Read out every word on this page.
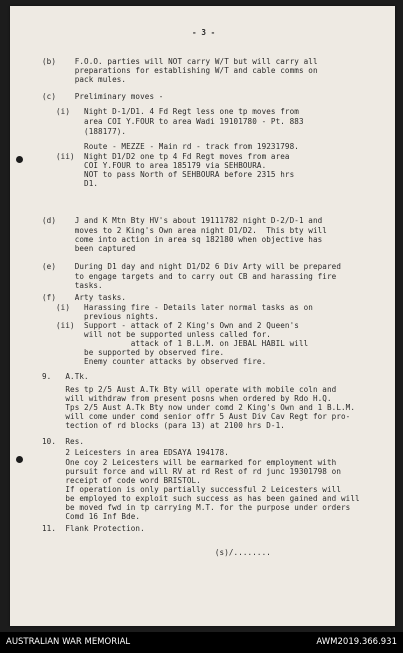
- 3 -
(b)    F.O.O. parties will NOT carry W/T but will carry all
preparations for establishing W/T and cable comms on
pack mules.
(c)    Preliminary moves -
(i)   Night D-1/D1. 4 Fd Regt less one tp moves from
area COI Y.FOUR to area Wadi 19101780 - Pt. 883
(188177).
Route - MEZZE - Main rd - track from 19231798.
(ii)  Night D1/D2 one tp 4 Fd Regt moves from area
COI Y.FOUR to area 185179 via SEHBOURA.
NOT to pass North of SEHBOURA before 2315 hrs
D1.
(d)    J and K Mtn Bty HV's about 19111782 night D-2/D-1 and
moves to 2 King's Own area night D1/D2.  This bty will
come into action in area sq 182180 when objective has
been captured
(e)    During D1 day and night D1/D2 6 Div Arty will be prepared
to engage targets and to carry out CB and harassing fire
tasks.
(f)    Arty tasks.
(i)   Harassing fire - Details later normal tasks as on
previous nights.
(ii)  Support - attack of 2 King's Own and 2 Queen's
will not be supported unless called for.
attack of 1 B.L.M. on JEBAL HABIL will
be supported by observed fire.
Enemy counter attacks by observed fire.
9.   A.Tk.
Res tp 2/5 Aust A.Tk Bty will operate with mobile coln and
will withdraw from present posns when ordered by Rdo H.Q.
Tps 2/5 Aust A.Tk Bty now under comd 2 King's Own and 1 B.L.M.
will come under comd senior offr 5 Aust Div Cav Regt for pro-
tection of rd blocks (para 13) at 2100 hrs D-1.
10.  Res.
2 Leicesters in area EDSAYA 194178.
One coy 2 Leicesters will be earmarked for employment with
pursuit force and will RV at rd Rest of rd junc 19301798 on
receipt of code word BRISTOL.
If operation is only partially successful 2 Leicesters will
be employed to exploit such success as has been gained and will
be moved fwd in tp carrying M.T. for the purpose under orders
Comd 16 Inf Bde.
11.  Flank Protection.
(s)/........
AUSTRALIAN WAR MEMORIAL	AWM2019.366.931
